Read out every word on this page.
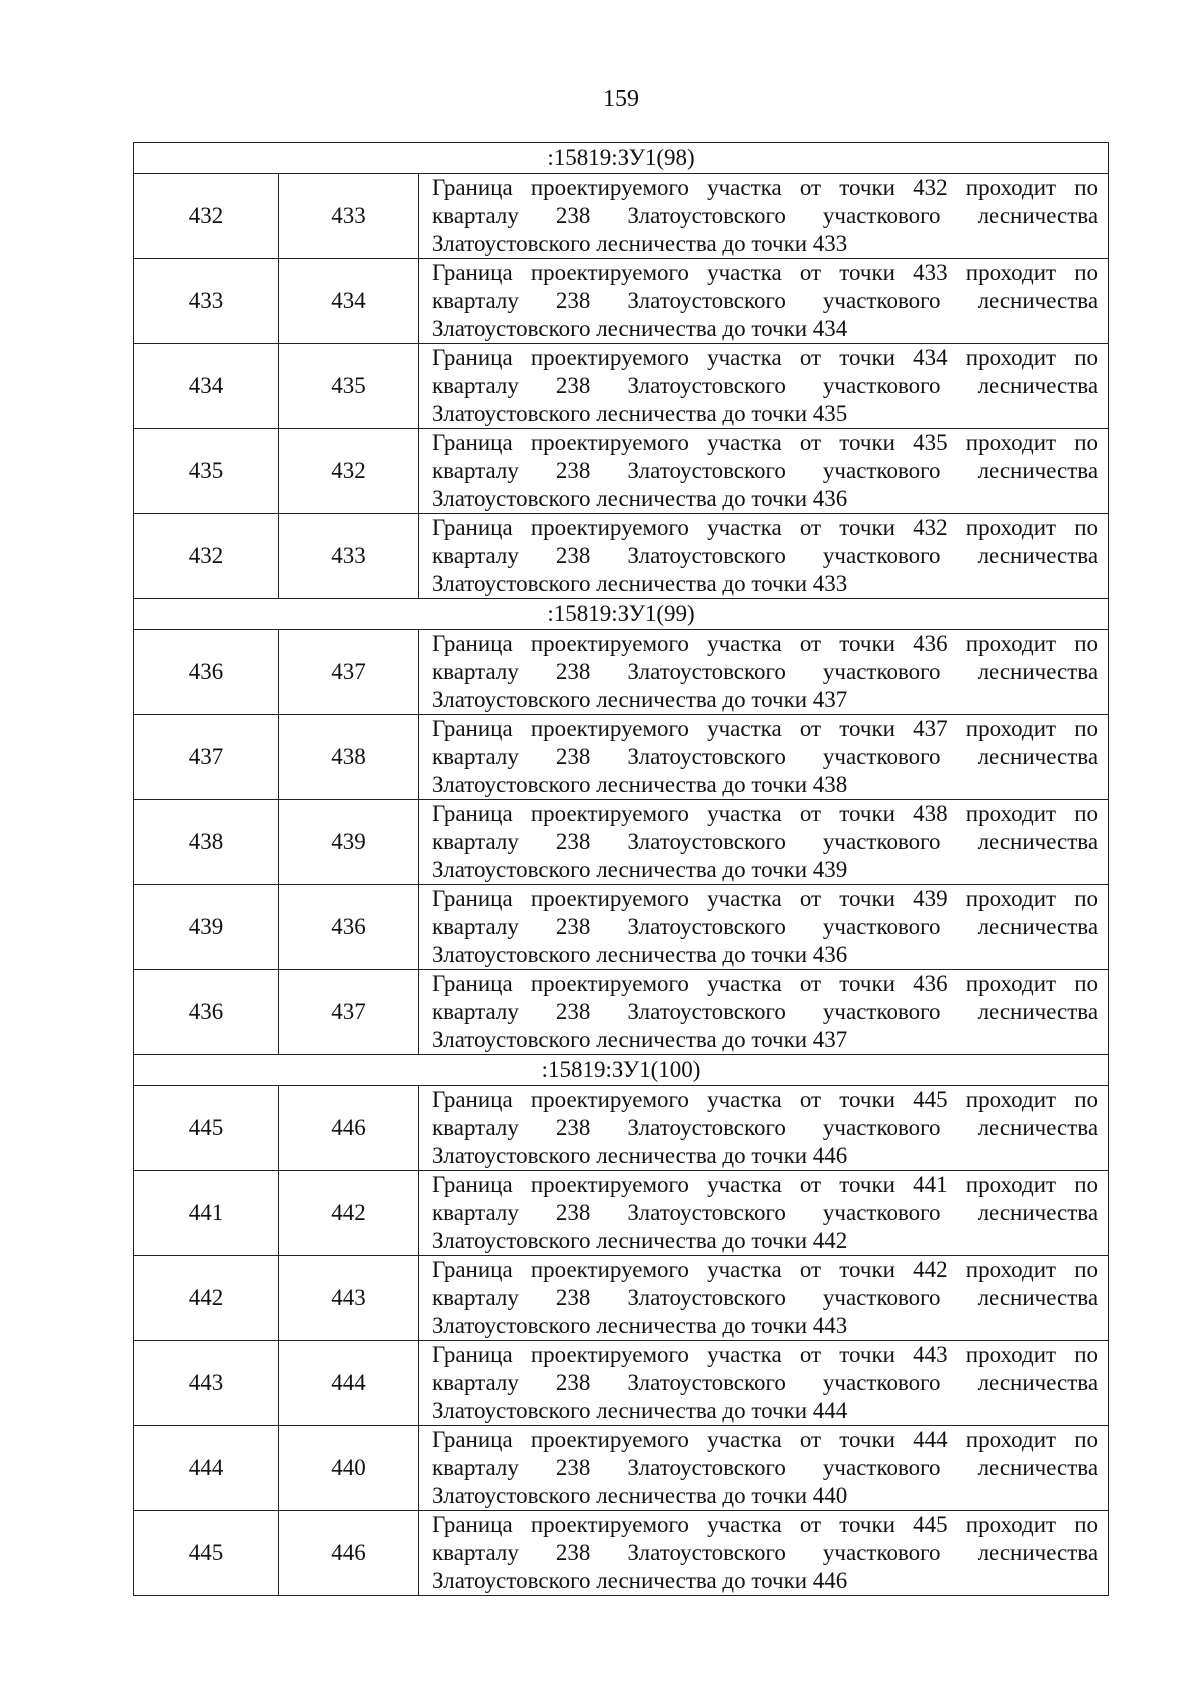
159
:15819:ЗУ1(98)		
432	433	Граница проектируемого участка от точки 432 проходит по кварталу 238 Златоустовского участкового лесничества Златоустовского лесничества до точки 433
433	434	Граница проектируемого участка от точки 433 проходит по кварталу 238 Златоустовского участкового лесничества Златоустовского лесничества до точки 434
434	435	Граница проектируемого участка от точки 434 проходит по кварталу 238 Златоустовского участкового лесничества Златоустовского лесничества до точки 435
435	432	Граница проектируемого участка от точки 435 проходит по кварталу 238 Златоустовского участкового лесничества Златоустовского лесничества до точки 436
432	433	Граница проектируемого участка от точки 432 проходит по кварталу 238 Златоустовского участкового лесничества Златоустовского лесничества до точки 433
:15819:ЗУ1(99)		
436	437	Граница проектируемого участка от точки 436 проходит по кварталу 238 Златоустовского участкового лесничества Златоустовского лесничества до точки 437
437	438	Граница проектируемого участка от точки 437 проходит по кварталу 238 Златоустовского участкового лесничества Златоустовского лесничества до точки 438
438	439	Граница проектируемого участка от точки 438 проходит по кварталу 238 Златоустовского участкового лесничества Златоустовского лесничества до точки 439
439	436	Граница проектируемого участка от точки 439 проходит по кварталу 238 Златоустовского участкового лесничества Златоустовского лесничества до точки 436
436	437	Граница проектируемого участка от точки 436 проходит по кварталу 238 Златоустовского участкового лесничества Златоустовского лесничества до точки 437
:15819:ЗУ1(100)		
445	446	Граница проектируемого участка от точки 445 проходит по кварталу 238 Златоустовского участкового лесничества Златоустовского лесничества до точки 446
441	442	Граница проектируемого участка от точки 441 проходит по кварталу 238 Златоустовского участкового лесничества Златоустовского лесничества до точки 442
442	443	Граница проектируемого участка от точки 442 проходит по кварталу 238 Златоустовского участкового лесничества Златоустовского лесничества до точки 443
443	444	Граница проектируемого участка от точки 443 проходит по кварталу 238 Златоустовского участкового лесничества Златоустовского лесничества до точки 444
444	440	Граница проектируемого участка от точки 444 проходит по кварталу 238 Златоустовского участкового лесничества Златоустовского лесничества до точки 440
445	446	Граница проектируемого участка от точки 445 проходит по кварталу 238 Златоустовского участкового лесничества Златоустовского лесничества до точки 446
